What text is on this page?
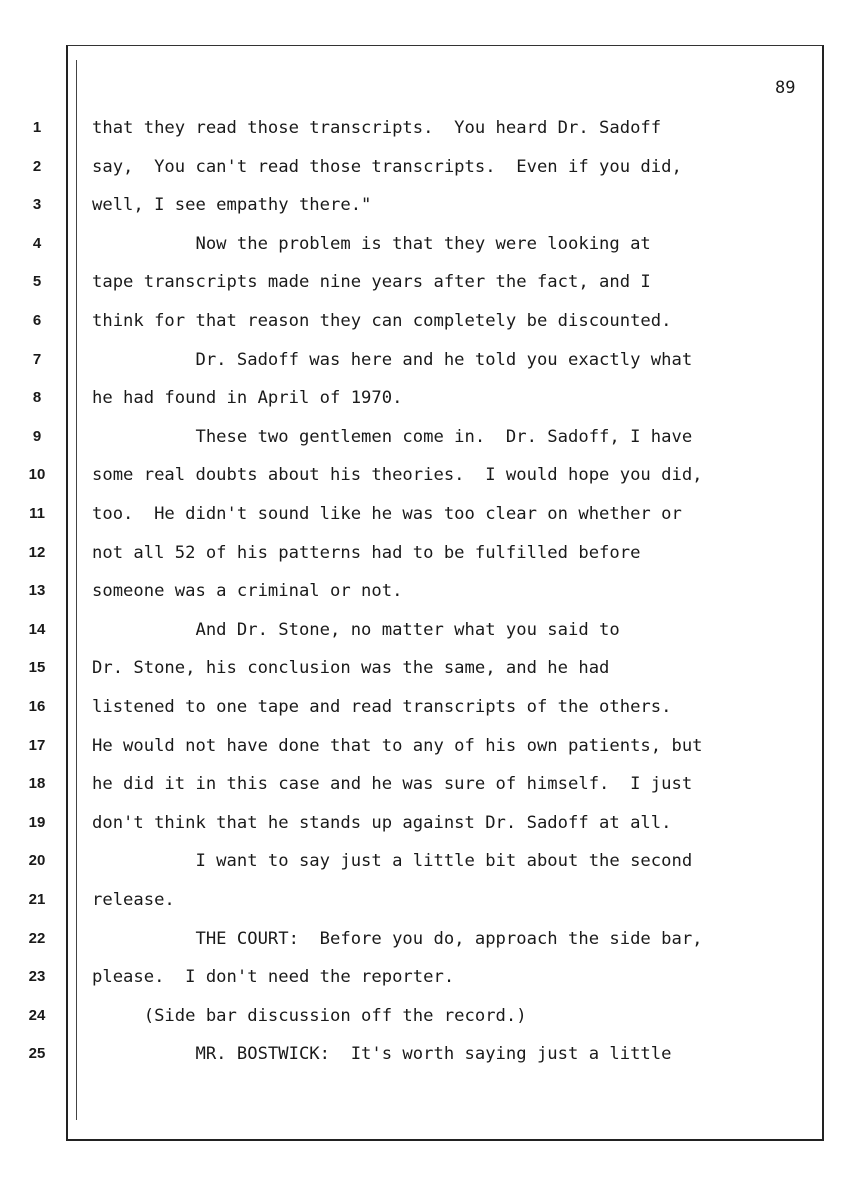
89
1
2
3
4
5
6
7
8
9
10
11
12
13
14
15
16
17
18
19
20
21
22
23
24
25
that they read those transcripts.  You heard Dr. Sadoff
say,  You can't read those transcripts.  Even if you did,
well, I see empathy there."
Now the problem is that they were looking at
tape transcripts made nine years after the fact, and I
think for that reason they can completely be discounted.
Dr. Sadoff was here and he told you exactly what
he had found in April of 1970.
These two gentlemen come in.  Dr. Sadoff, I have
some real doubts about his theories.  I would hope you did,
too.  He didn't sound like he was too clear on whether or
not all 52 of his patterns had to be fulfilled before
someone was a criminal or not.
And Dr. Stone, no matter what you said to
Dr. Stone, his conclusion was the same, and he had
listened to one tape and read transcripts of the others.
He would not have done that to any of his own patients, but
he did it in this case and he was sure of himself.  I just
don't think that he stands up against Dr. Sadoff at all.
I want to say just a little bit about the second
release.
THE COURT:  Before you do, approach the side bar,
please.  I don't need the reporter.
(Side bar discussion off the record.)
MR. BOSTWICK:  It's worth saying just a little
